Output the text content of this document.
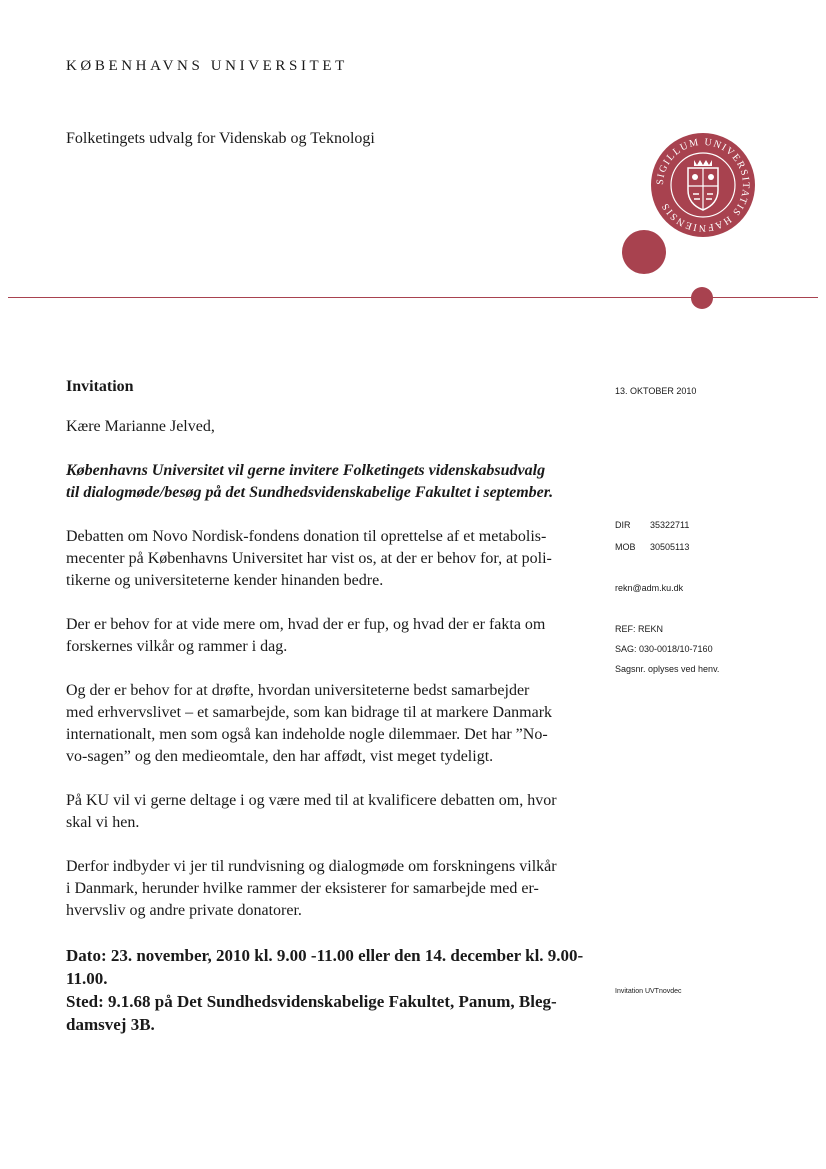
KØBENHAVNS UNIVERSITET
Folketingets udvalg for Videnskab og Teknologi
SIGILLUM UNIVERSITATIS HAFNIENSIS
Invitation
Kære Marianne Jelved,
Københavns Universitet vil gerne invitere Folketingets videnskabsudvalg
til dialogmøde/besøg på det Sundhedsvidenskabelige Fakultet i september.
Debatten om Novo Nordisk-fondens donation til oprettelse af et metabolis-
mecenter på Københavns Universitet har vist os, at der er behov for, at poli-
tikerne og universiteterne kender hinanden bedre.
Der er behov for at vide mere om, hvad der er fup, og hvad der er fakta om
forskernes vilkår og rammer i dag.
Og der er behov for at drøfte, hvordan universiteterne bedst samarbejder
med erhvervslivet – et samarbejde, som kan bidrage til at markere Danmark
internationalt, men som også kan indeholde nogle dilemmaer. Det har ”No-
vo-sagen” og den medieomtale, den har affødt, vist meget tydeligt.
På KU vil vi gerne deltage i og være med til at kvalificere debatten om, hvor
skal vi hen.
Derfor indbyder vi jer til rundvisning og dialogmøde om forskningens vilkår
i Danmark, herunder hvilke rammer der eksisterer for samarbejde med er-
hvervsliv og andre private donatorer.
Dato: 23. november, 2010 kl. 9.00 -11.00 eller den 14. december kl. 9.00-
11.00.
Sted: 9.1.68 på Det Sundhedsvidenskabelige Fakultet, Panum, Bleg-
damsvej 3B.
13. OKTOBER 2010
DIR	35322711
MOB	30505113
rekn@adm.ku.dk
REF: REKN
SAG: 030-0018/10-7160
Sagsnr. oplyses ved henv.
Invitation UVTnovdec
